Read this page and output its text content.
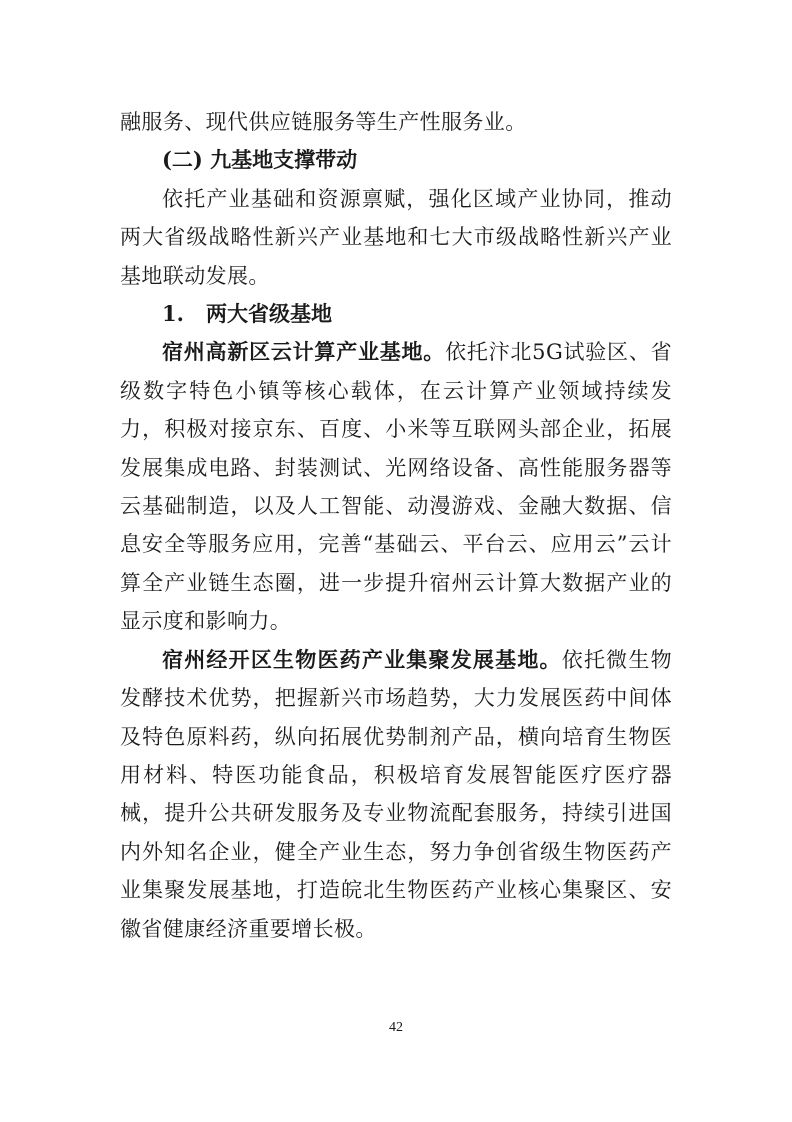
融服务、现代供应链服务等生产性服务业。

(二) 九基地支撑带动

依托产业基础和资源禀赋，强化区域产业协同，推动两大省级战略性新兴产业基地和七大市级战略性新兴产业基地联动发展。

1. 两大省级基地

宿州高新区云计算产业基地。依托汴北5G试验区、省级数字特色小镇等核心载体，在云计算产业领域持续发力，积极对接京东、百度、小米等互联网头部企业，拓展发展集成电路、封装测试、光网络设备、高性能服务器等云基础制造，以及人工智能、动漫游戏、金融大数据、信息安全等服务应用，完善“基础云、平台云、应用云”云计算全产业链生态圈，进一步提升宿州云计算大数据产业的显示度和影响力。

宿州经开区生物医药产业集聚发展基地。依托微生物发酵技术优势，把握新兴市场趋势，大力发展医药中间体及特色原料药，纵向拓展优势制剂产品，横向培育生物医用材料、特医功能食品，积极培育发展智能医疗医疗器械，提升公共研发服务及专业物流配套服务，持续引进国内外知名企业，健全产业生态，努力争创省级生物医药产业集聚发展基地，打造皖北生物医药产业核心集聚区、安徽省健康经济重要增长极。

42
